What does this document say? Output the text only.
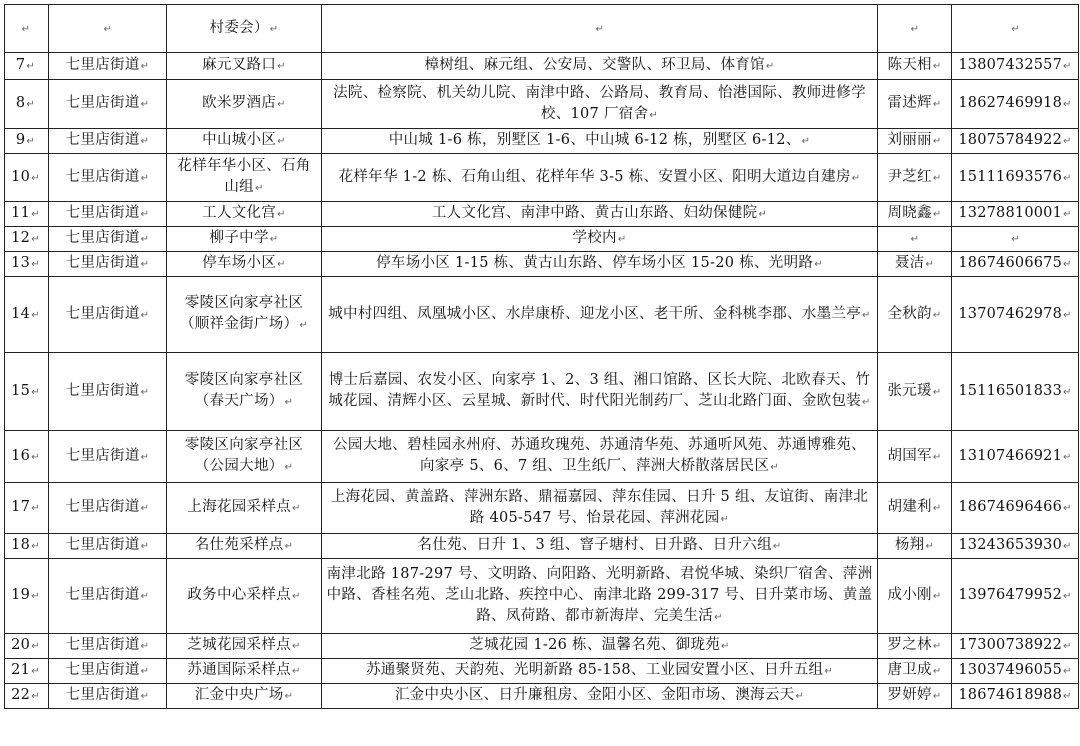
↵	↵	村委会）↵	↵	↵	↵
7↵	七里店街道↵	麻元叉路口↵	樟树组、麻元组、公安局、交警队、环卫局、体育馆↵	陈天相↵	13807432557↵
8↵	七里店街道↵	欧米罗酒店↵	法院、检察院、机关幼儿院、南津中路、公路局、教育局、怡港国际、教师进修学校、107 厂宿舍↵	雷述辉↵	18627469918↵
9↵	七里店街道↵	中山城小区↵	中山城 1-6 栋，别墅区 1-6、中山城 6-12 栋，别墅区 6-12、↵	刘丽丽↵	18075784922↵
10↵	七里店街道↵	花样年华小区、石角山组↵	花样年华 1-2 栋、石角山组、花样年华 3-5 栋、安置小区、阳明大道边自建房↵	尹芝红↵	15111693576↵
11↵	七里店街道↵	工人文化宫↵	工人文化宫、南津中路、黄古山东路、妇幼保健院↵	周晓鑫↵	13278810001↵
12↵	七里店街道↵	柳子中学↵	学校内↵	↵	↵
13↵	七里店街道↵	停车场小区↵	停车场小区 1-15 栋、黄古山东路、停车场小区 15-20 栋、光明路↵	聂洁↵	18674606675↵
14↵	七里店街道↵	零陵区向家亭社区（顺祥金街广场）↵	城中村四组、凤凰城小区、水岸康桥、迎龙小区、老干所、金科桃李郡、水墨兰亭↵	全秋韵↵	13707462978↵
15↵	七里店街道↵	零陵区向家亭社区（春天广场）↵	博士后嘉园、农发小区、向家亭 1、2、3 组、湘口馆路、区长大院、北欧春天、竹城花园、清辉小区、云星城、新时代、时代阳光制药厂、芝山北路门面、金欧包装↵	张元瑗↵	15116501833↵
16↵	七里店街道↵	零陵区向家亭社区（公园大地）↵	公园大地、碧桂园永州府、苏通玫瑰苑、苏通清华苑、苏通听风苑、苏通博雅苑、向家亭 5、6、7 组、卫生纸厂、萍洲大桥散落居民区↵	胡国军↵	13107466921↵
17↵	七里店街道↵	上海花园采样点↵	上海花园、黄盖路、萍洲东路、鼎福嘉园、萍东佳园、日升 5 组、友谊街、南津北路 405-547 号、怡景花园、萍洲花园↵	胡建利↵	18674696466↵
18↵	七里店街道↵	名仕苑采样点↵	名仕苑、日升 1、3 组、窨子塘村、日升路、日升六组↵	杨翔↵	13243653930↵
19↵	七里店街道↵	政务中心采样点↵	南津北路 187-297 号、文明路、向阳路、光明新路、君悦华城、染织厂宿舍、萍洲中路、香桂名苑、芝山北路、疾控中心、南津北路 299-317 号、日升菜市场、黄盖路、凤荷路、都市新海岸、完美生活↵	成小刚↵	13976479952↵
20↵	七里店街道↵	芝城花园采样点↵	芝城花园 1-26 栋、温馨名苑、御珑苑↵	罗之林↵	17300738922↵
21↵	七里店街道↵	苏通国际采样点↵	苏通聚贤苑、天韵苑、光明新路 85-158、工业园安置小区、日升五组↵	唐卫成↵	13037496055↵
22↵	七里店街道↵	汇金中央广场↵	汇金中央小区、日升廉租房、金阳小区、金阳市场、澳海云天↵	罗妍婷↵	18674618988↵
